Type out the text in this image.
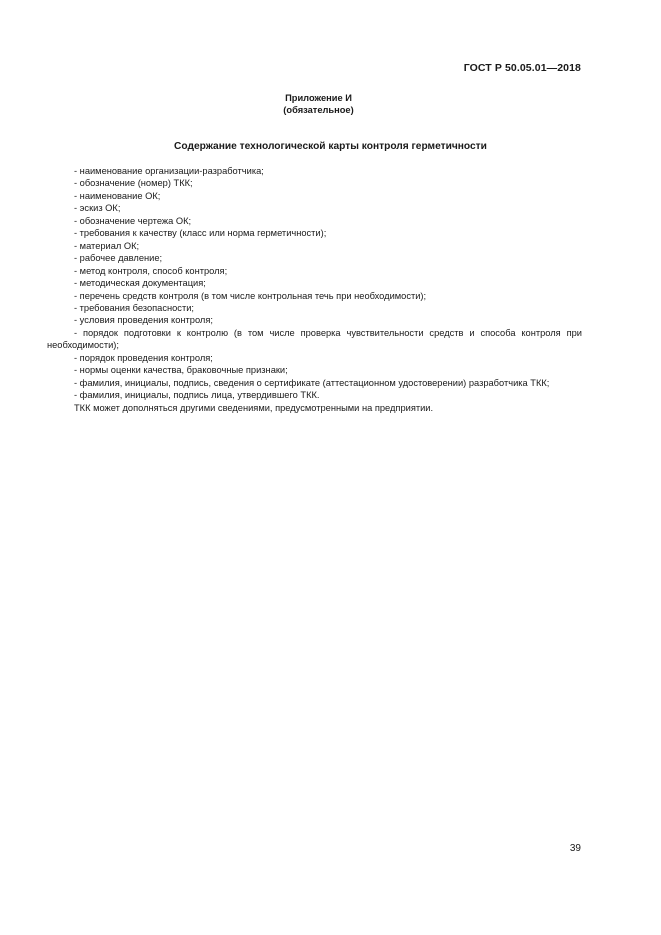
ГОСТ Р 50.05.01—2018
Приложение И
(обязательное)
Содержание технологической карты контроля герметичности

- наименование организации-разработчика;

- обозначение (номер) ТКК;

- наименование ОК;

- эскиз ОК;

- обозначение чертежа ОК;

- требования к качеству (класс или норма герметичности);

- материал ОК;

- рабочее давление;

- метод контроля, способ контроля;

- методическая документация;

- перечень средств контроля (в том числе контрольная течь при необходимости);

- требования безопасности;

- условия проведения контроля;

- порядок подготовки к контролю (в том числе проверка чувствительности средств и способа контроля при необходимости);

- порядок проведения контроля;

- нормы оценки качества, браковочные признаки;

- фамилия, инициалы, подпись, сведения о сертификате (аттестационном удостоверении) разработчика ТКК;

- фамилия, инициалы, подпись лица, утвердившего ТКК.

ТКК может дополняться другими сведениями, предусмотренными на предприятии.

39
